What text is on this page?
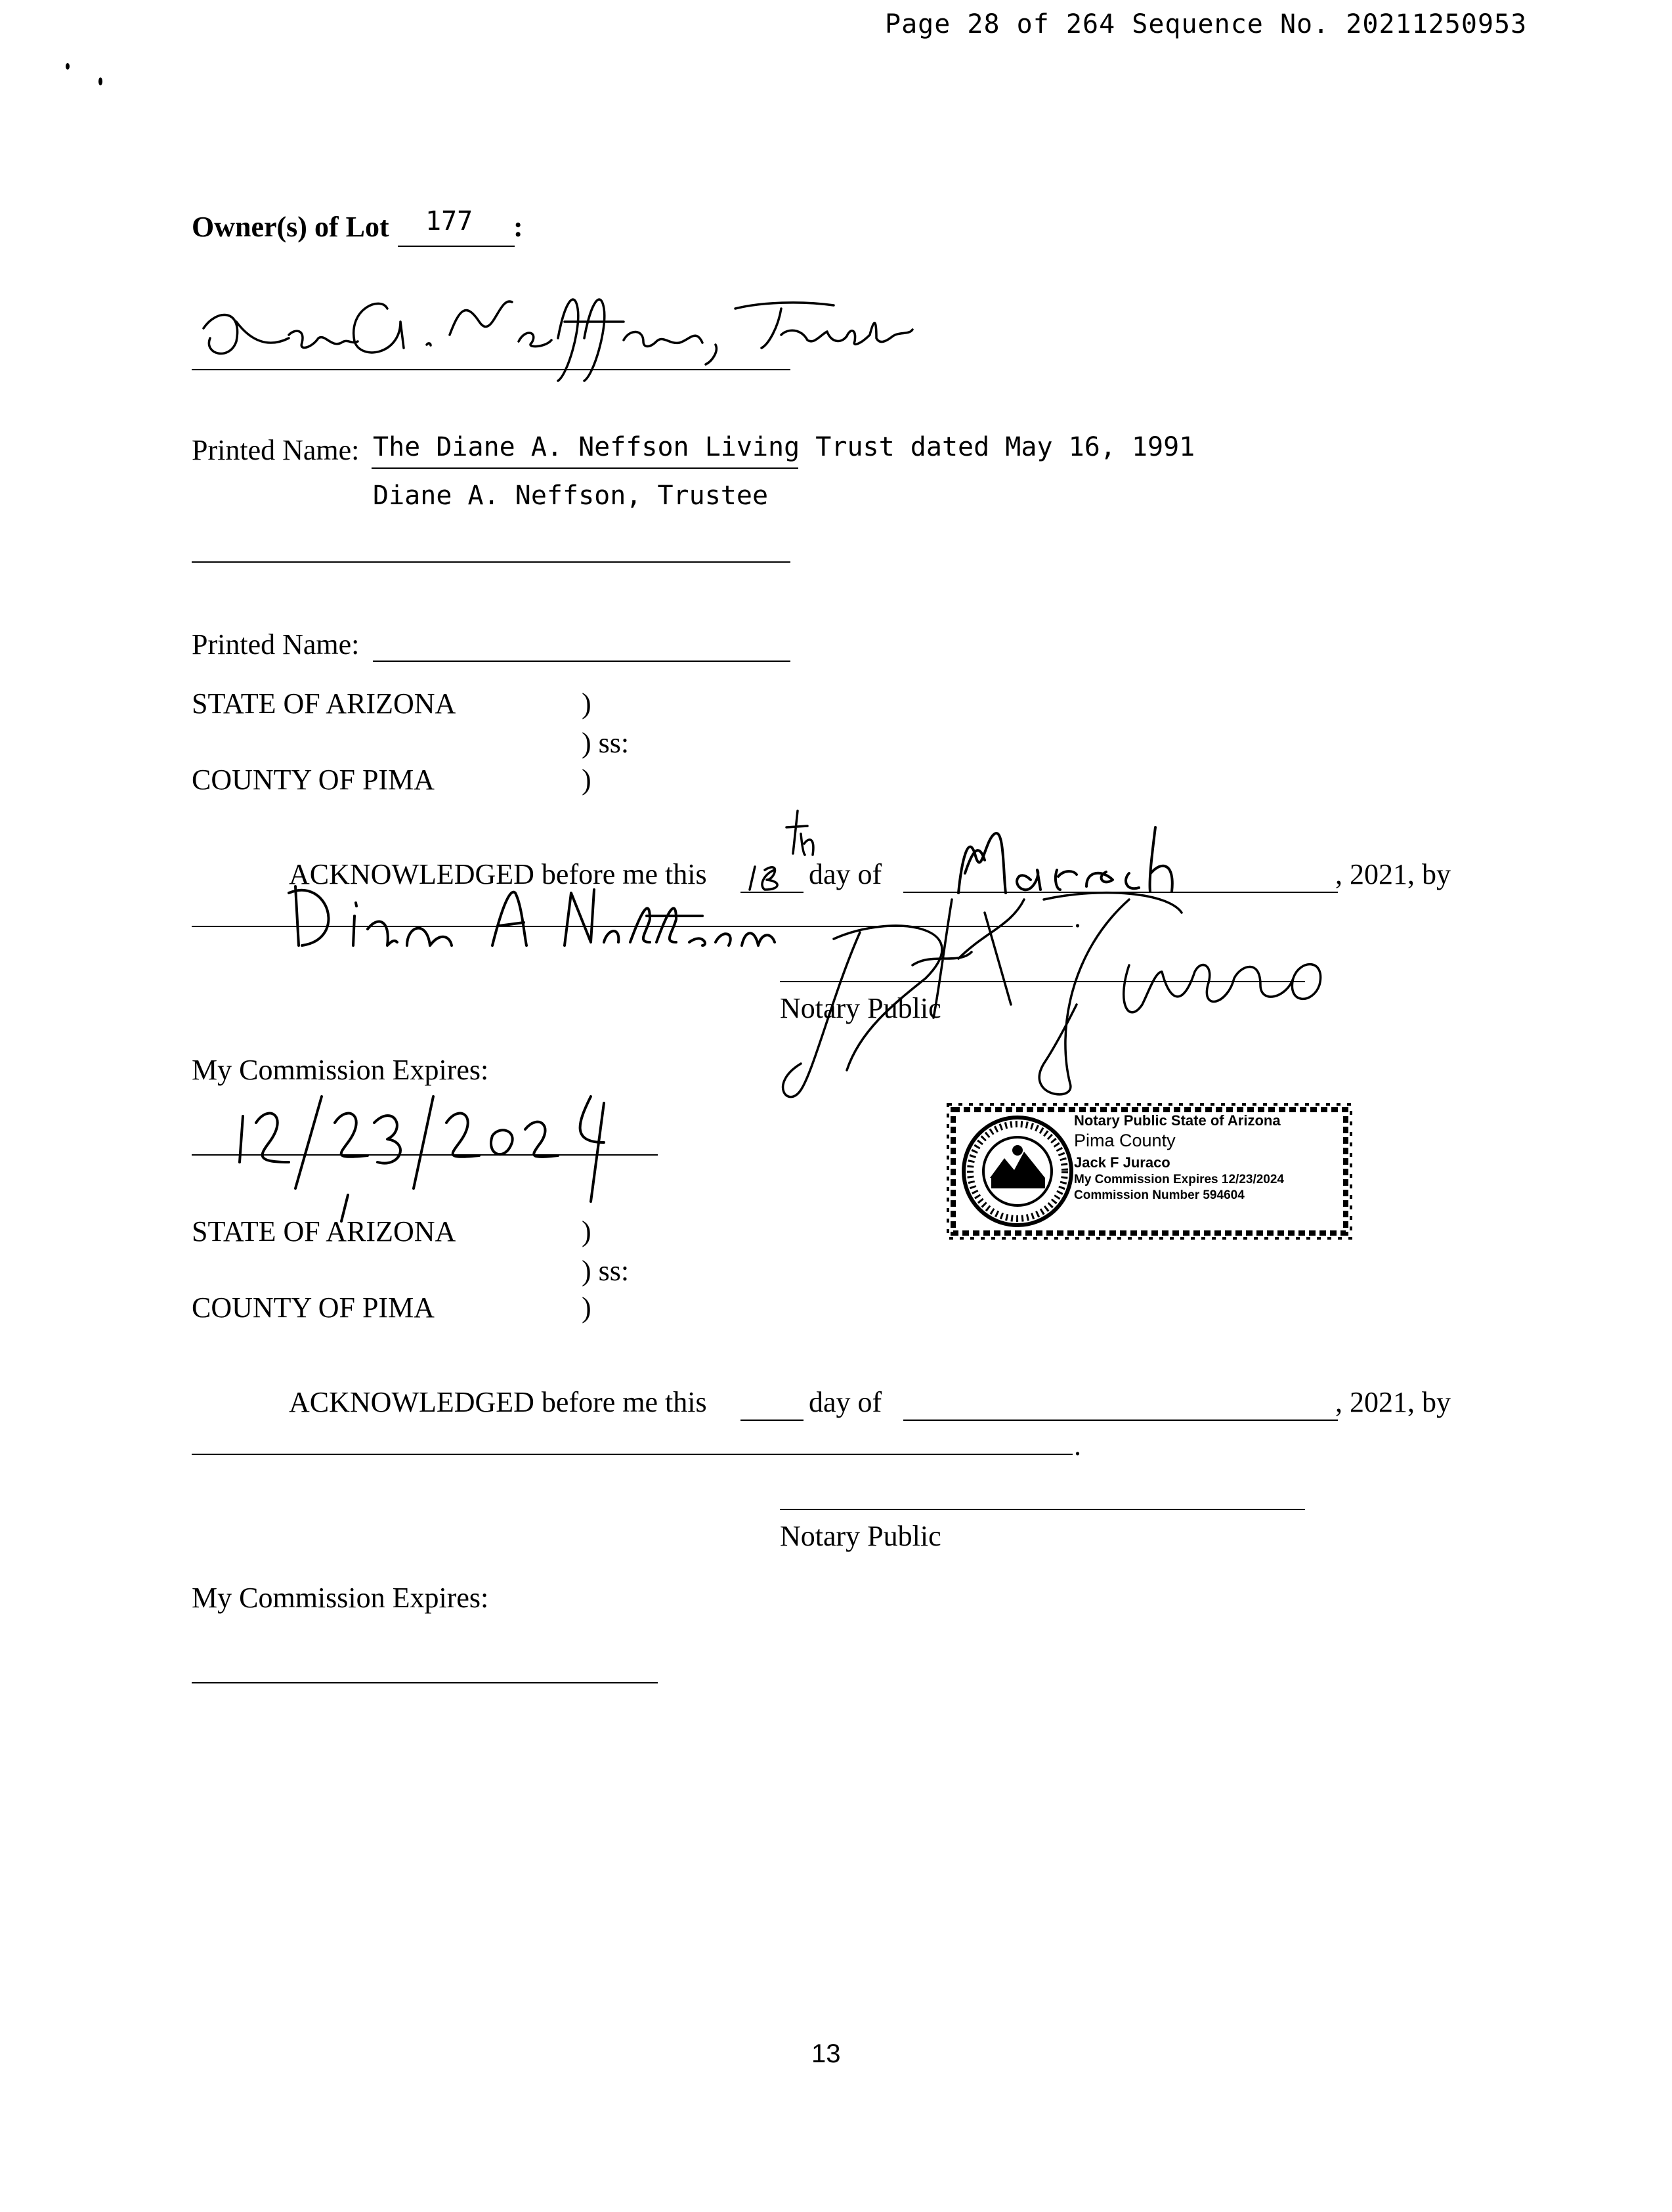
Page 28 of 264 Sequence No. 20211250953
Owner(s) of Lot 177 :
Printed Name: The Diane A. Neffson Living Trust dated May 16, 1991
Diane A. Neffson, Trustee
Printed Name:
STATE OF ARIZONA	)
) ss:
COUNTY OF PIMA	)
ACKNOWLEDGED before me this	day of	, 2021, by
.
Notary Public
My Commission Expires:
Notary Public State of Arizona
Pima County
Jack F Juraco
My Commission Expires 12/23/2024
Commission Number 594604
STATE OF ARIZONA	)
) ss:
COUNTY OF PIMA	)
ACKNOWLEDGED before me this	day of	, 2021, by
.
Notary Public
My Commission Expires:
13
